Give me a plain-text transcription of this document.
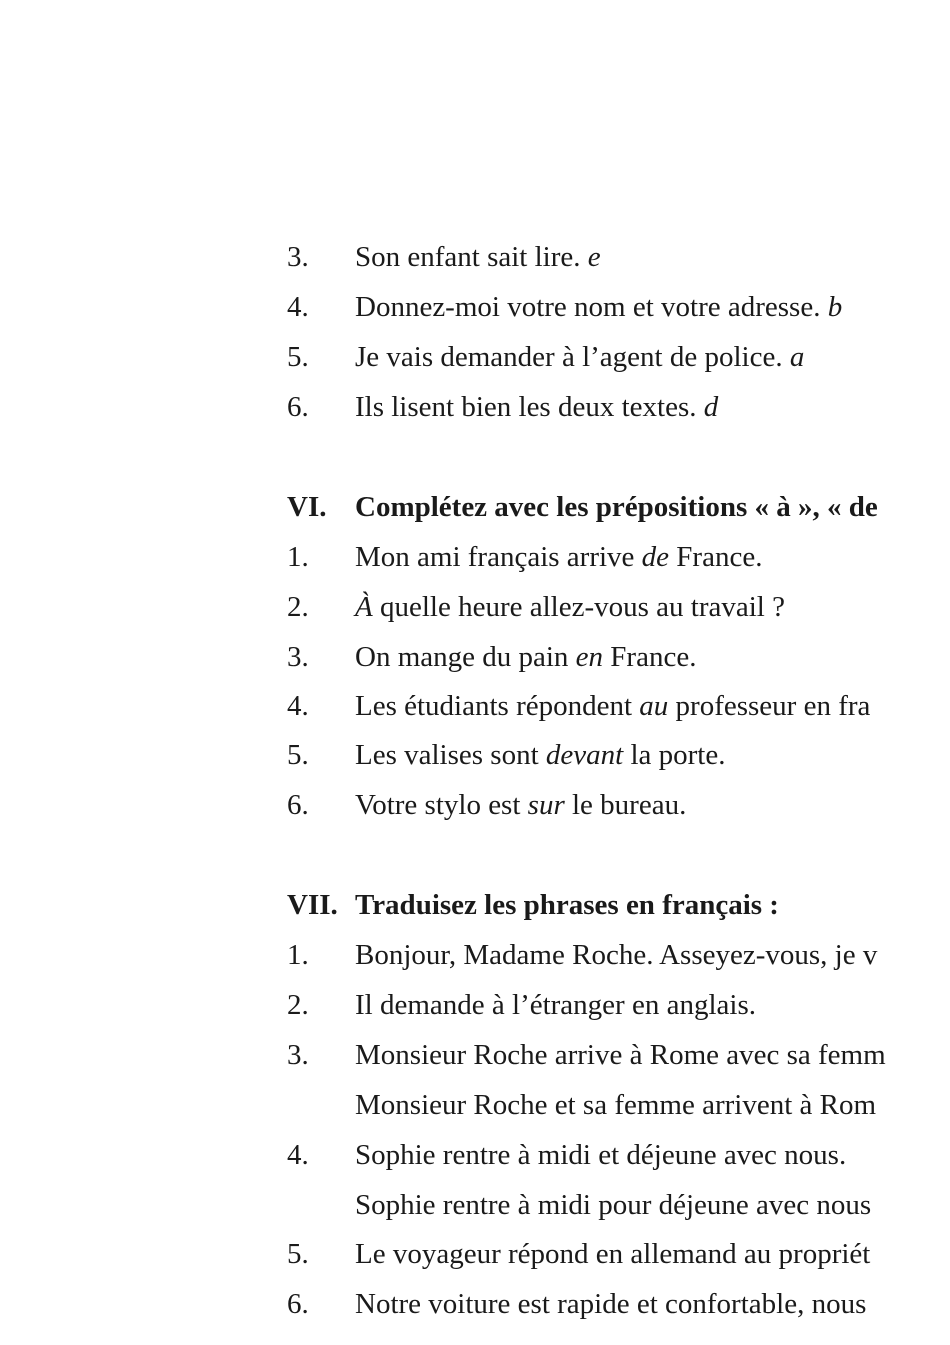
3. Son enfant sait lire. e
4. Donnez-moi votre nom et votre adresse. b
5. Je vais demander à l’agent de police. a
6. Ils lisent bien les deux textes. d
VI. Complétez avec les prépositions « à », « de
1. Mon ami français arrive de France.
2. À quelle heure allez-vous au travail ?
3. On mange du pain en France.
4. Les étudiants répondent au professeur en fra
5. Les valises sont devant la porte.
6. Votre stylo est sur le bureau.
VII. Traduisez les phrases en français :
1. Bonjour, Madame Roche. Asseyez-vous, je v
2. Il demande à l’étranger en anglais.
3. Monsieur Roche arrive à Rome avec sa femm
Monsieur Roche et sa femme arrivent à Rom
4. Sophie rentre à midi et déjeune avec nous.
Sophie rentre à midi pour déjeune avec nous
5. Le voyageur répond en allemand au propriét
6. Notre voiture est rapide et confortable, nous
